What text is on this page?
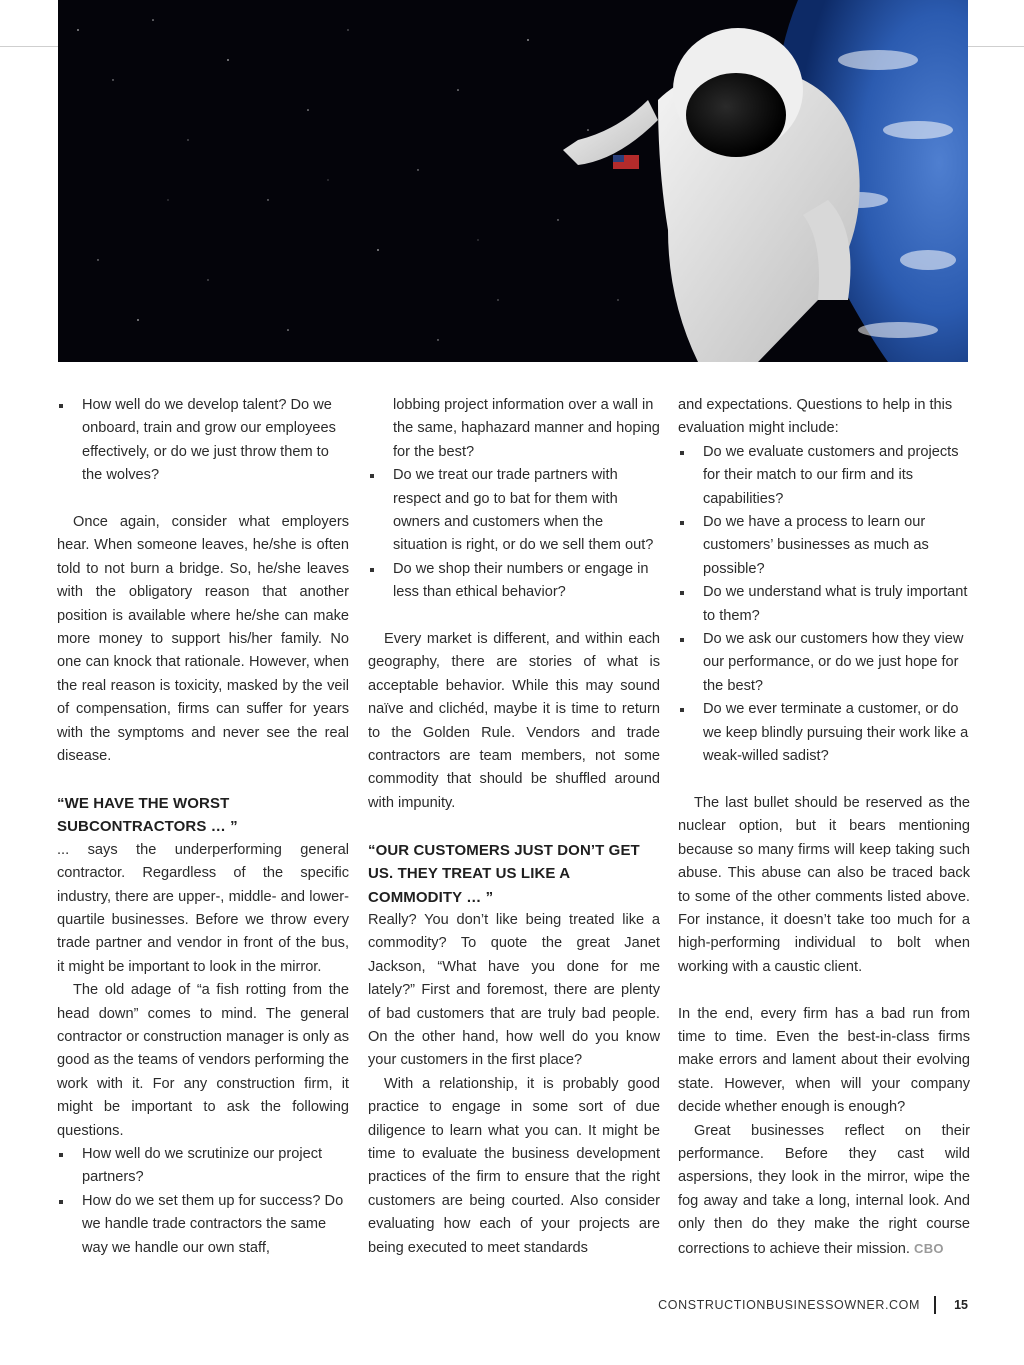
How well do we develop talent? Do we onboard, train and grow our employees effectively, or do we just throw them to the wolves?

Once again, consider what employers hear. When someone leaves, he/she is often told to not burn a bridge. So, he/she leaves with the obligatory reason that another position is available where he/she can make more money to support his/her family. No one can knock that rationale. However, when the real reason is toxicity, masked by the veil of compensation, firms can suffer for years with the symptoms and never see the real disease.

“WE HAVE THE WORST SUBCONTRACTORS … ”

... says the underperforming general contractor. Regardless of the specific industry, there are upper-, middle- and lower-quartile businesses. Before we throw every trade partner and vendor in front of the bus, it might be important to look in the mirror.

The old adage of “a fish rotting from the head down” comes to mind. The general contractor or construction manager is only as good as the teams of vendors performing the work with it. For any construction firm, it might be important to ask the following questions.

How well do we scrutinize our project partners?
How do we set them up for success? Do we handle trade contractors the same way we handle our own staff,

lobbing project information over a wall in the same, haphazard manner and hoping for the best?

Do we treat our trade partners with respect and go to bat for them with owners and customers when the situation is right, or do we sell them out?
Do we shop their numbers or engage in less than ethical behavior?

Every market is different, and within each geography, there are stories of what is acceptable behavior. While this may sound naïve and clichéd, maybe it is time to return to the Golden Rule. Vendors and trade contractors are team members, not some commodity that should be shuffled around with impunity.

“OUR CUSTOMERS JUST DON’T GET US. THEY TREAT US LIKE A COMMODITY … ”

Really? You don’t like being treated like a commodity? To quote the great Janet Jackson, “What have you done for me lately?” First and foremost, there are plenty of bad customers that are truly bad people. On the other hand, how well do you know your customers in the first place?

With a relationship, it is probably good practice to engage in some sort of due diligence to learn what you can. It might be time to evaluate the business development practices of the firm to ensure that the right customers are being courted. Also consider evaluating how each of your projects are being executed to meet standards

and expectations. Questions to help in this evaluation might include:

Do we evaluate customers and projects for their match to our firm and its capabilities?
Do we have a process to learn our customers’ businesses as much as possible?
Do we understand what is truly important to them?
Do we ask our customers how they view our performance, or do we just hope for the best?
Do we ever terminate a customer, or do we keep blindly pursuing their work like a weak-willed sadist?

The last bullet should be reserved as the nuclear option, but it bears mentioning because so many firms will keep taking such abuse. This abuse can also be traced back to some of the other comments listed above. For instance, it doesn’t take too much for a high-performing individual to bolt when working with a caustic client.

In the end, every firm has a bad run from time to time. Even the best-in-class firms make errors and lament about their evolving state. However, when will your company decide whether enough is enough?

Great businesses reflect on their performance. Before they cast wild aspersions, they look in the mirror, wipe the fog away and take a long, internal look. And only then do they make the right course corrections to achieve their mission. CBO

CONSTRUCTIONBUSINESSOWNER.COM	15
